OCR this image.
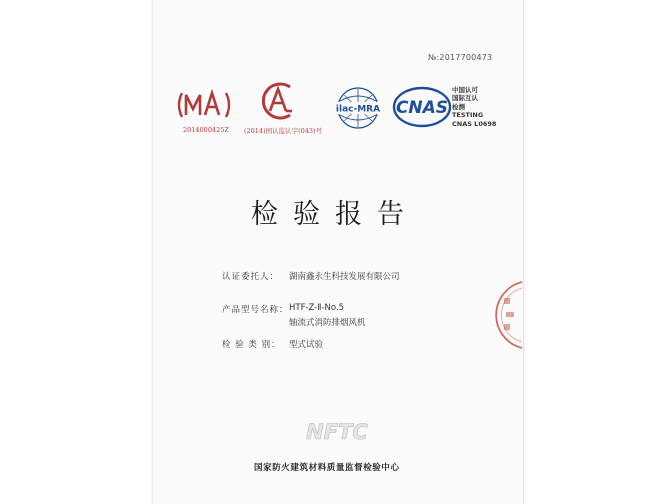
№:2017700473
2014000425Z (2014)国认监认字(043)号
ilac-MRA CNAS
中国认可
国际互认
检测
TESTING
CNAS L0698
检验报告
认证委托人： 湖南鑫永生科技发展有限公司
产品型号名称： HTF-Z-Ⅱ-No.5
轴流式消防排烟风机
检 验 类 别： 型式试验
NFTC
国家防火建筑材料质量监督检验中心
